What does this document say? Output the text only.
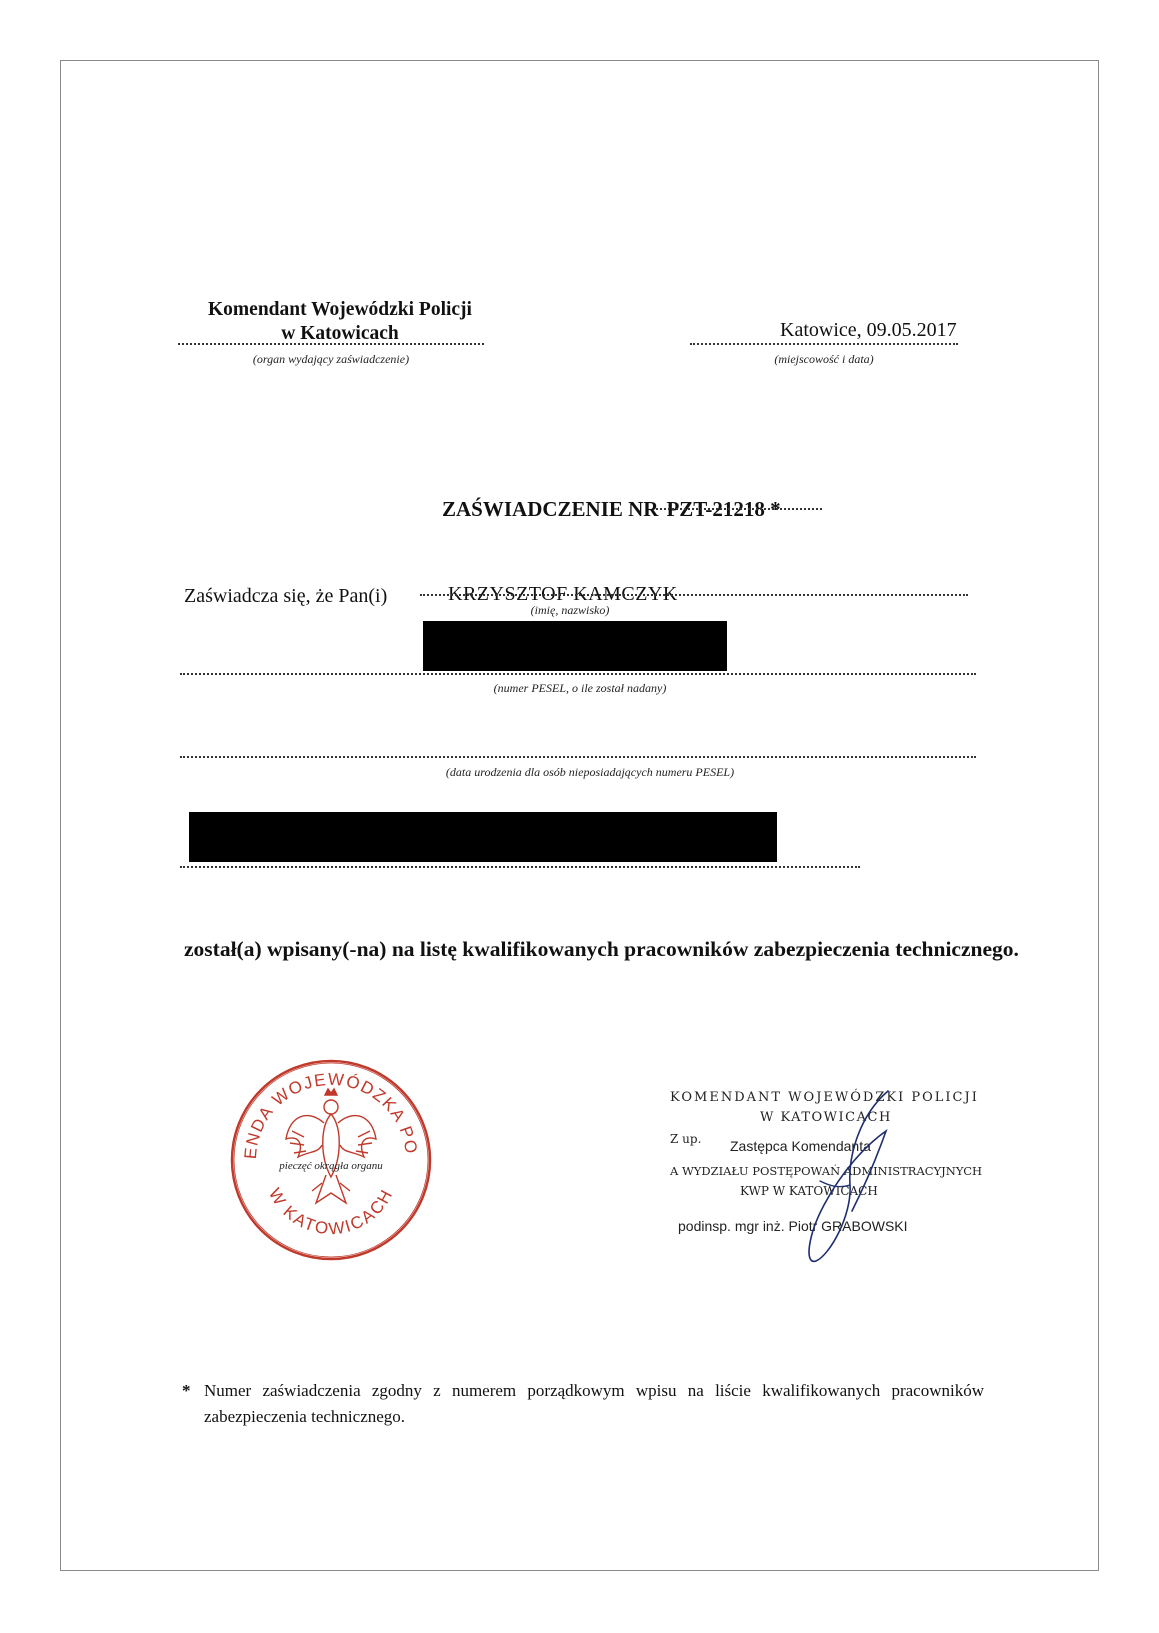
Komendant Wojewódzki Policji
w Katowicach
(organ wydający zaświadczenie)
Katowice, 09.05.2017
(miejscowość i data)
ZAŚWIADCZENIE NR PZT-21218 *
Zaświadcza się, że Pan(i)	KRZYSZTOF KAMCZYK
(imię, nazwisko)
(numer PESEL, o ile został nadany)
(data urodzenia dla osób nieposiadających numeru PESEL)
został(a) wpisany(-na) na listę kwalifikowanych pracowników zabezpieczenia technicznego.
ENDA WOJEWÓDZKA PO
W KATOWICACH
pieczęć okrągła organu
KOMENDANT WOJEWÓDZKI POLICJI
W KATOWICACH
Z up. Zastępca Komendanta
A WYDZIAŁU POSTĘPOWAŃ ADMINISTRACYJNYCH
KWP W KATOWICACH
podinsp. mgr inż. Piotr GRABOWSKI
* Numer zaświadczenia zgodny z numerem porządkowym wpisu na liście kwalifikowanych pracowników zabezpieczenia technicznego.
